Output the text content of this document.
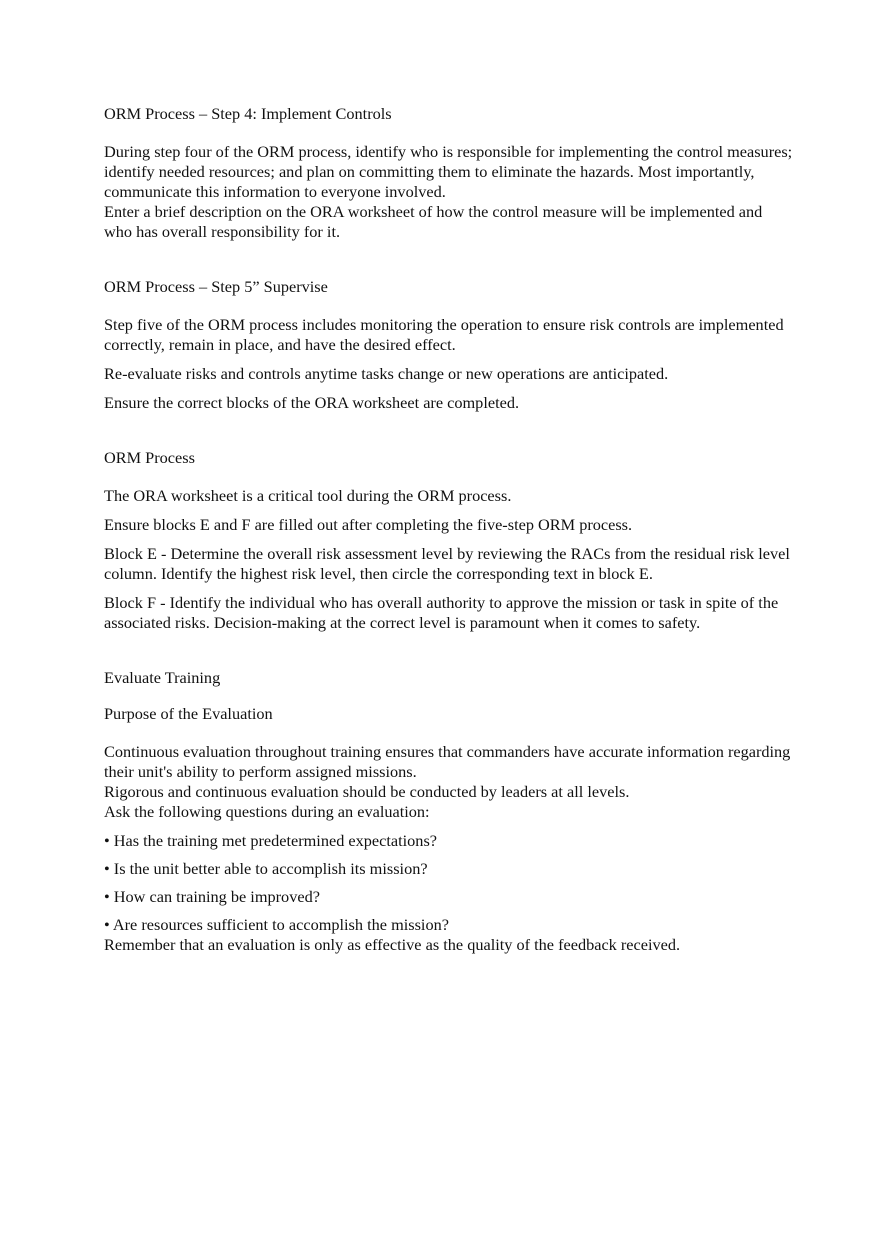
ORM Process – Step 4: Implement Controls

During step four of the ORM process, identify who is responsible for implementing the control measures; identify needed resources; and plan on committing them to eliminate the hazards. Most importantly, communicate this information to everyone involved.

Enter a brief description on the ORA worksheet of how the control measure will be implemented and who has overall responsibility for it.

ORM Process – Step 5” Supervise

Step five of the ORM process includes monitoring the operation to ensure risk controls are implemented correctly, remain in place, and have the desired effect.

Re-evaluate risks and controls anytime tasks change or new operations are anticipated.

Ensure the correct blocks of the ORA worksheet are completed.

ORM Process

The ORA worksheet is a critical tool during the ORM process.

Ensure blocks E and F are filled out after completing the five-step ORM process.

Block E - Determine the overall risk assessment level by reviewing the RACs from the residual risk level column. Identify the highest risk level, then circle the corresponding text in block E.

Block F - Identify the individual who has overall authority to approve the mission or task in spite of the associated risks. Decision-making at the correct level is paramount when it comes to safety.

Evaluate Training

Purpose of the Evaluation

Continuous evaluation throughout training ensures that commanders have accurate information regarding their unit's ability to perform assigned missions.

Rigorous and continuous evaluation should be conducted by leaders at all levels.

Ask the following questions during an evaluation:

• Has the training met predetermined expectations?

• Is the unit better able to accomplish its mission?

• How can training be improved?

• Are resources sufficient to accomplish the mission?

Remember that an evaluation is only as effective as the quality of the feedback received.
